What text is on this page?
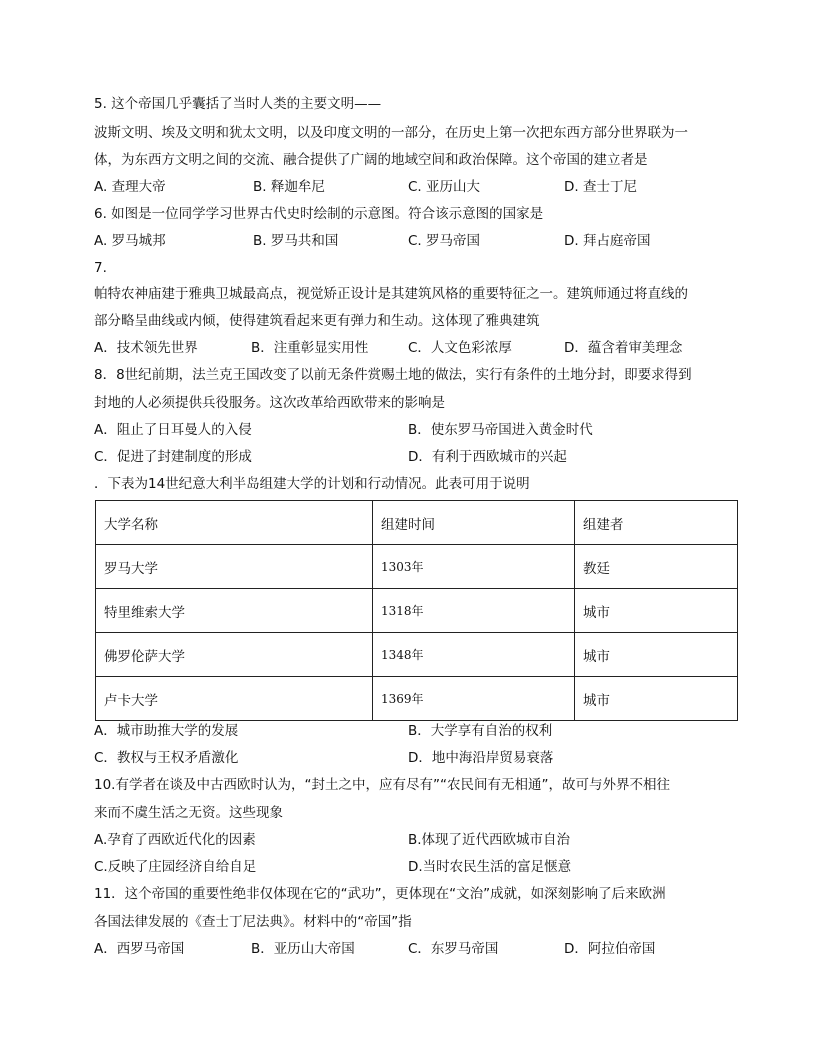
5. 这个帝国几乎囊括了当时人类的主要文明——
波斯文明、埃及文明和犹太文明，以及印度文明的一部分，在历史上第一次把东西方部分世界联为一
体，为东西方文明之间的交流、融合提供了广阔的地域空间和政治保障。这个帝国的建立者是
A. 查理大帝	B. 释迦牟尼	C. 亚历山大	D. 查士丁尼
6. 如图是一位同学学习世界古代史时绘制的示意图。符合该示意图的国家是
A. 罗马城邦	B. 罗马共和国	C. 罗马帝国	D. 拜占庭帝国
7.
帕特农神庙建于雅典卫城最高点，视觉矫正设计是其建筑风格的重要特征之一。建筑师通过将直线的
部分略呈曲线或内倾，使得建筑看起来更有弹力和生动。这体现了雅典建筑
A．技术领先世界	B．注重彰显实用性	C．人文色彩浓厚	D．蕴含着审美理念
8．8世纪前期，法兰克王国改变了以前无条件赏赐土地的做法，实行有条件的土地分封，即要求得到
封地的人必须提供兵役服务。这次改革给西欧带来的影响是
A．阻止了日耳曼人的入侵	B．使东罗马帝国进入黄金时代
C．促进了封建制度的形成	D．有利于西欧城市的兴起
．下表为14世纪意大利半岛组建大学的计划和行动情况。此表可用于说明
大学名称	组建时间	组建者
罗马大学	1303年	教廷
特里维索大学	1318年	城市
佛罗伦萨大学	1348年	城市
卢卡大学	1369年	城市
A．城市助推大学的发展	B．大学享有自治的权利
C．教权与王权矛盾激化	D．地中海沿岸贸易衰落
10.有学者在谈及中古西欧时认为，“封土之中，应有尽有”“农民间有无相通”，故可与外界不相往
来而不虞生活之无资。这些现象
A.孕育了西欧近代化的因素	B.体现了近代西欧城市自治
C.反映了庄园经济自给自足	D.当时农民生活的富足惬意
11．这个帝国的重要性绝非仅体现在它的“武功”，更体现在“文治”成就，如深刻影响了后来欧洲
各国法律发展的《查士丁尼法典》。材料中的“帝国”指
A．西罗马帝国	B．亚历山大帝国	C．东罗马帝国	D．阿拉伯帝国
